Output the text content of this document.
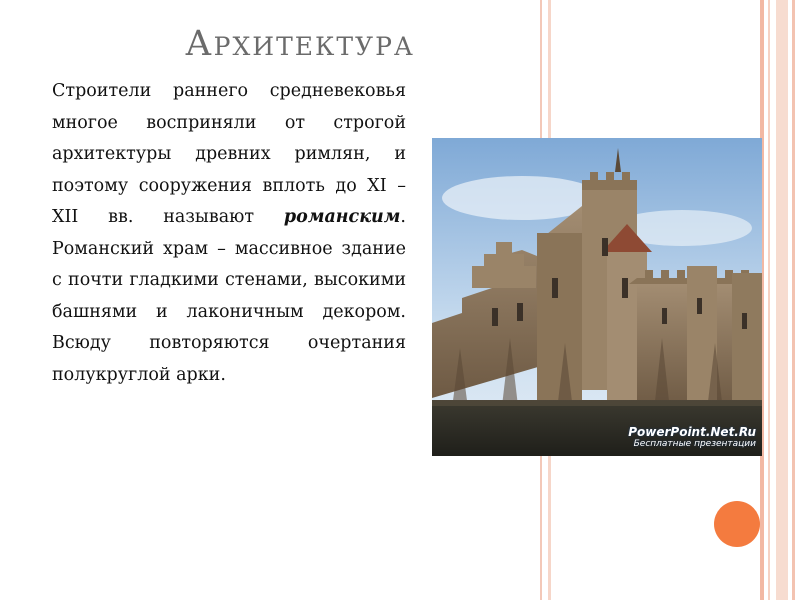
Архитектура

Строители раннего средневековья многое восприняли от строгой архитектуры древних римлян, и поэтому сооружения вплоть до XI – XII вв. называют романским. Романский храм – массивное здание с почти гладкими стенами, высокими башнями и лаконичным декором. Всюду повторяются очертания полукруглой арки.

PowerPoint.Net.Ru
Бесплатные презентации
